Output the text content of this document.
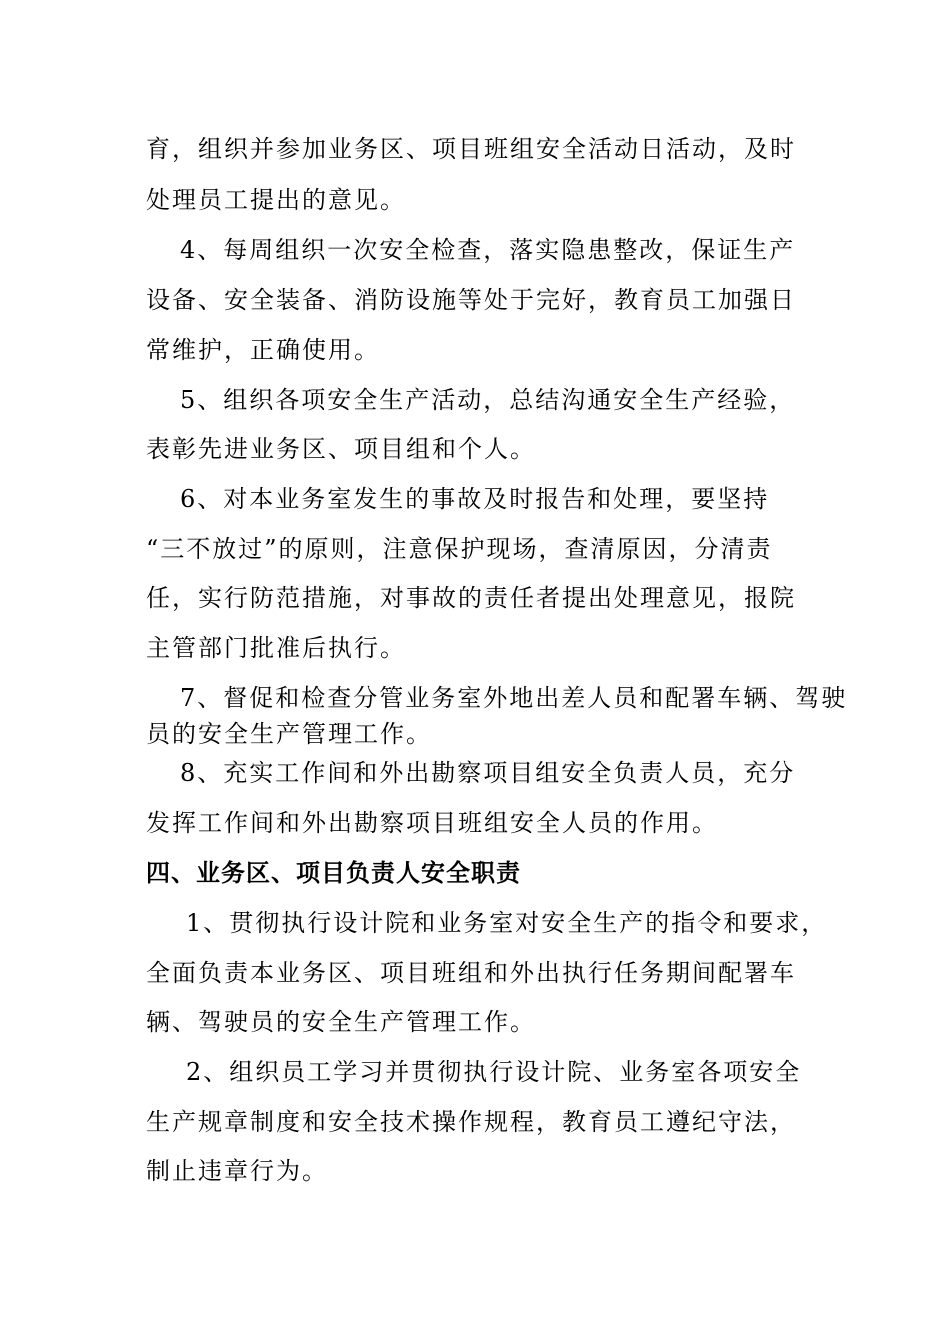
育，组织并参加业务区、项目班组安全活动日活动，及时
处理员工提出的意见。
4、每周组织一次安全检查，落实隐患整改，保证生产
设备、安全装备、消防设施等处于完好，教育员工加强日
常维护，正确使用。
5、组织各项安全生产活动，总结沟通安全生产经验，
表彰先进业务区、项目组和个人。
6、对本业务室发生的事故及时报告和处理，要坚持
“三不放过”的原则，注意保护现场，查清原因，分清责
任，实行防范措施，对事故的责任者提出处理意见，报院
主管部门批准后执行。
7、督促和检查分管业务室外地出差人员和配署车辆、驾驶
员的安全生产管理工作。
8、充实工作间和外出勘察项目组安全负责人员，充分
发挥工作间和外出勘察项目班组安全人员的作用。
四、业务区、项目负责人安全职责
1、贯彻执行设计院和业务室对安全生产的指令和要求，
全面负责本业务区、项目班组和外出执行任务期间配署车
辆、驾驶员的安全生产管理工作。
2、组织员工学习并贯彻执行设计院、业务室各项安全
生产规章制度和安全技术操作规程，教育员工遵纪守法，
制止违章行为。
